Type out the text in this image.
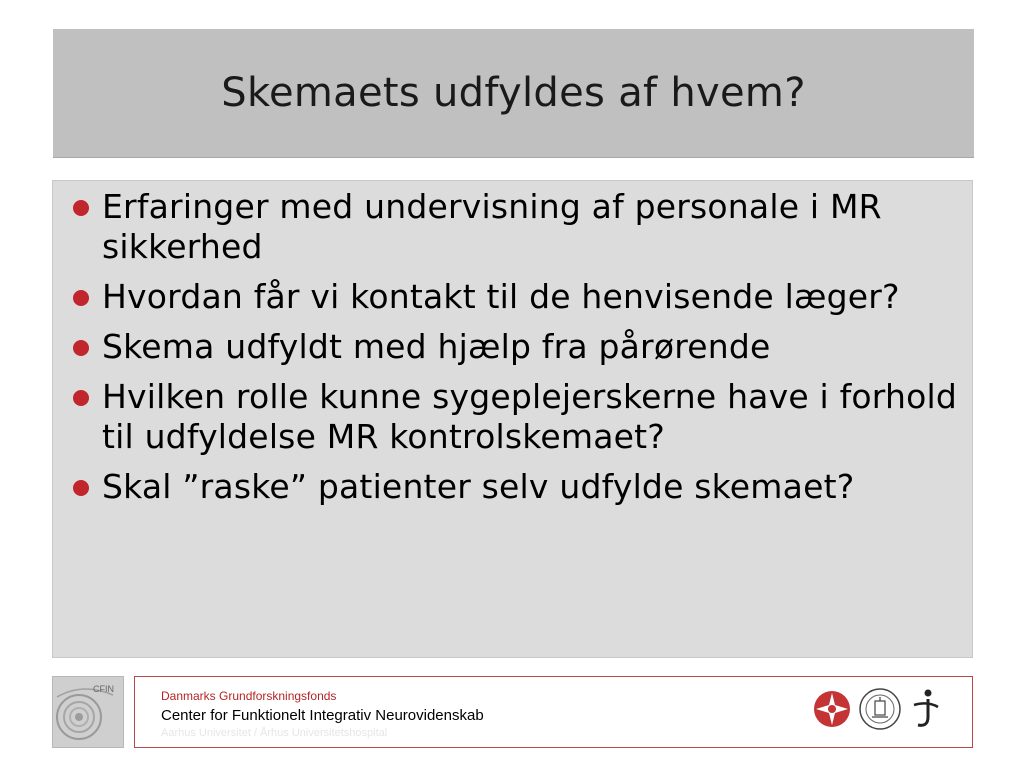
Skemaets udfyldes af hvem?
Erfaringer med undervisning af personale i MR sikkerhed
Hvordan får vi kontakt til de henvisende læger?
Skema udfyldt med hjælp fra pårørende
Hvilken rolle kunne sygeplejerskerne have i forhold til udfyldelse MR kontrolskemaet?
Skal ”raske” patienter selv udfylde skemaet?
CFIN	Danmarks Grundforskningsfonds
Center for Funktionelt Integrativ Neurovidenskab
Aarhus Universitet / Århus Universitetshospital
